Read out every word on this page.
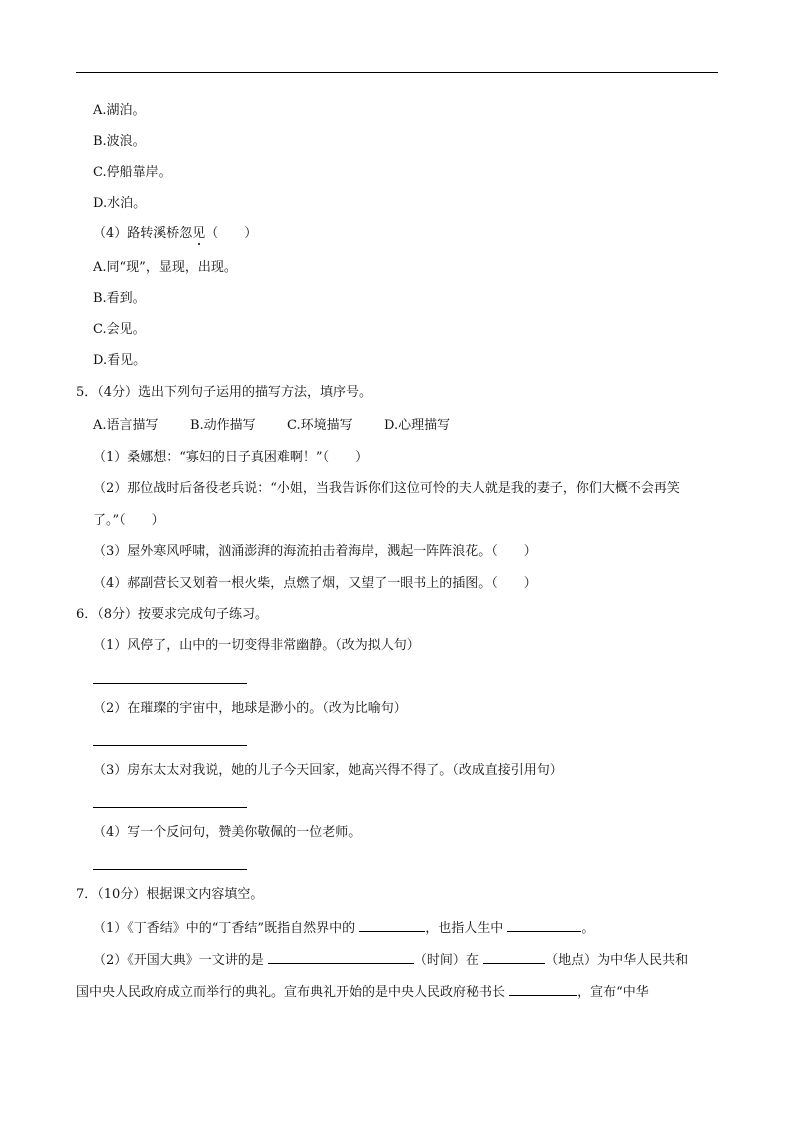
A.湖泊。
B.波浪。
C.停船靠岸。
D.水泊。
（4）路转溪桥忽见（　　）
A.同“现”，显现，出现。
B.看到。
C.会见。
D.看见。
5．（4分）选出下列句子运用的描写方法，填序号。
A.语言描写 B.动作描写 C.环境描写 D.心理描写
（1）桑娜想：“寡妇的日子真困难啊！”（　　）
（2）那位战时后备役老兵说：“小姐，当我告诉你们这位可怜的夫人就是我的妻子，你们大概不会再笑
了。”（　　）
（3）屋外寒风呼啸，汹涌澎湃的海流拍击着海岸，溅起一阵阵浪花。（　　）
（4）郝副营长又划着一根火柴，点燃了烟，又望了一眼书上的插图。（　　）
6．（8分）按要求完成句子练习。
（1）风停了，山中的一切变得非常幽静。（改为拟人句）
（2）在璀璨的宇宙中，地球是渺小的。（改为比喻句）
（3）房东太太对我说，她的儿子今天回家，她高兴得不得了。（改成直接引用句）
（4）写一个反问句，赞美你敬佩的一位老师。
7．（10分）根据课文内容填空。
（1）《丁香结》中的“丁香结”既指自然界中的	，也指人生中	。
（2）《开国大典》一文讲的是	（时间）在	（地点）为中华人民共和
国中央人民政府成立而举行的典礼。宣布典礼开始的是中央人民政府秘书长	，宣布“中华
